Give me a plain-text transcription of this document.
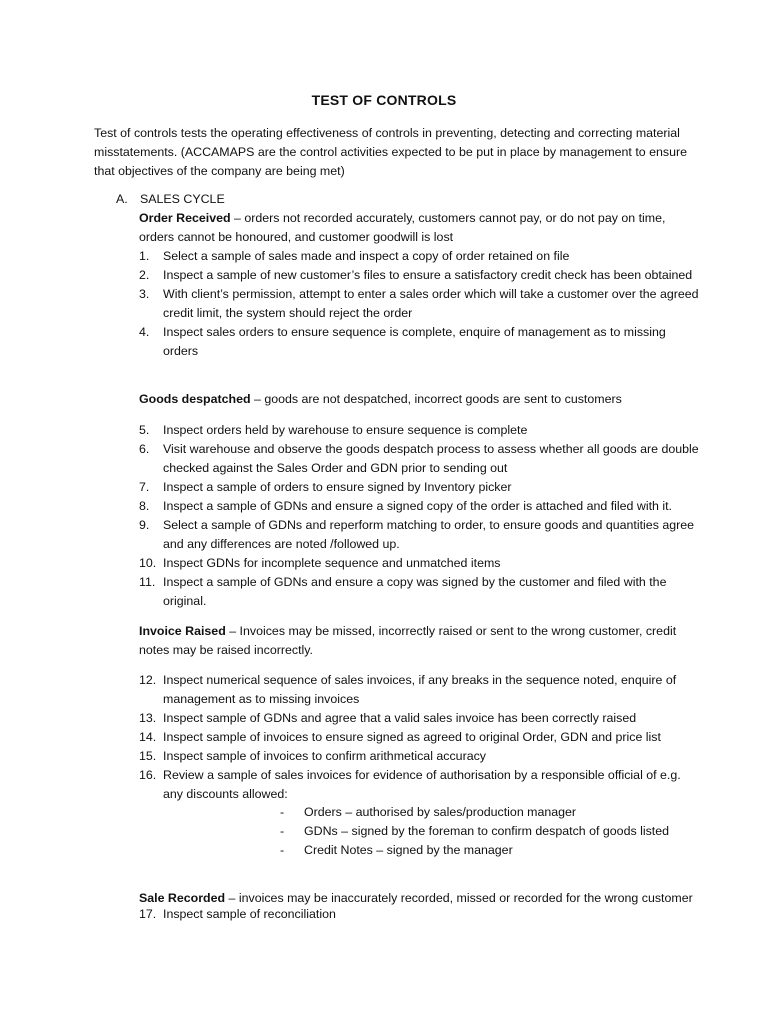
TEST OF CONTROLS
Test of controls tests the operating effectiveness of controls in preventing, detecting and correcting material misstatements. (ACCAMAPS are the control activities expected to be put in place by management to ensure that objectives of the company are being met)
A. SALES CYCLE
Order Received – orders not recorded accurately, customers cannot pay, or do not pay on time, orders cannot be honoured, and customer goodwill is lost
1. Select a sample of sales made and inspect a copy of order retained on file
2. Inspect a sample of new customer’s files to ensure a satisfactory credit check has been obtained
3. With client’s permission, attempt to enter a sales order which will take a customer over the agreed credit limit, the system should reject the order
4. Inspect sales orders to ensure sequence is complete, enquire of management as to missing orders
Goods despatched – goods are not despatched, incorrect goods are sent to customers
5. Inspect orders held by warehouse to ensure sequence is complete
6. Visit warehouse and observe the goods despatch process to assess whether all goods are double checked against the Sales Order and GDN prior to sending out
7. Inspect a sample of orders to ensure signed by Inventory picker
8. Inspect a sample of GDNs and ensure a signed copy of the order is attached and filed with it.
9. Select a sample of GDNs and reperform matching to order, to ensure goods and quantities agree and any differences are noted /followed up.
10. Inspect GDNs for incomplete sequence and unmatched items
11. Inspect a sample of GDNs and ensure a copy was signed by the customer and filed with the original.
Invoice Raised – Invoices may be missed, incorrectly raised or sent to the wrong customer, credit notes may be raised incorrectly.
12. Inspect numerical sequence of sales invoices, if any breaks in the sequence noted, enquire of management as to missing invoices
13. Inspect sample of GDNs and agree that a valid sales invoice has been correctly raised
14. Inspect sample of invoices to ensure signed as agreed to original Order, GDN and price list
15. Inspect sample of invoices to confirm arithmetical accuracy
16. Review a sample of sales invoices for evidence of authorisation by a responsible official of e.g. any discounts allowed:
- Orders – authorised by sales/production manager
- GDNs – signed by the foreman to confirm despatch of goods listed
- Credit Notes – signed by the manager
Sale Recorded – invoices may be inaccurately recorded, missed or recorded for the wrong customer
17. Inspect sample of reconciliation
